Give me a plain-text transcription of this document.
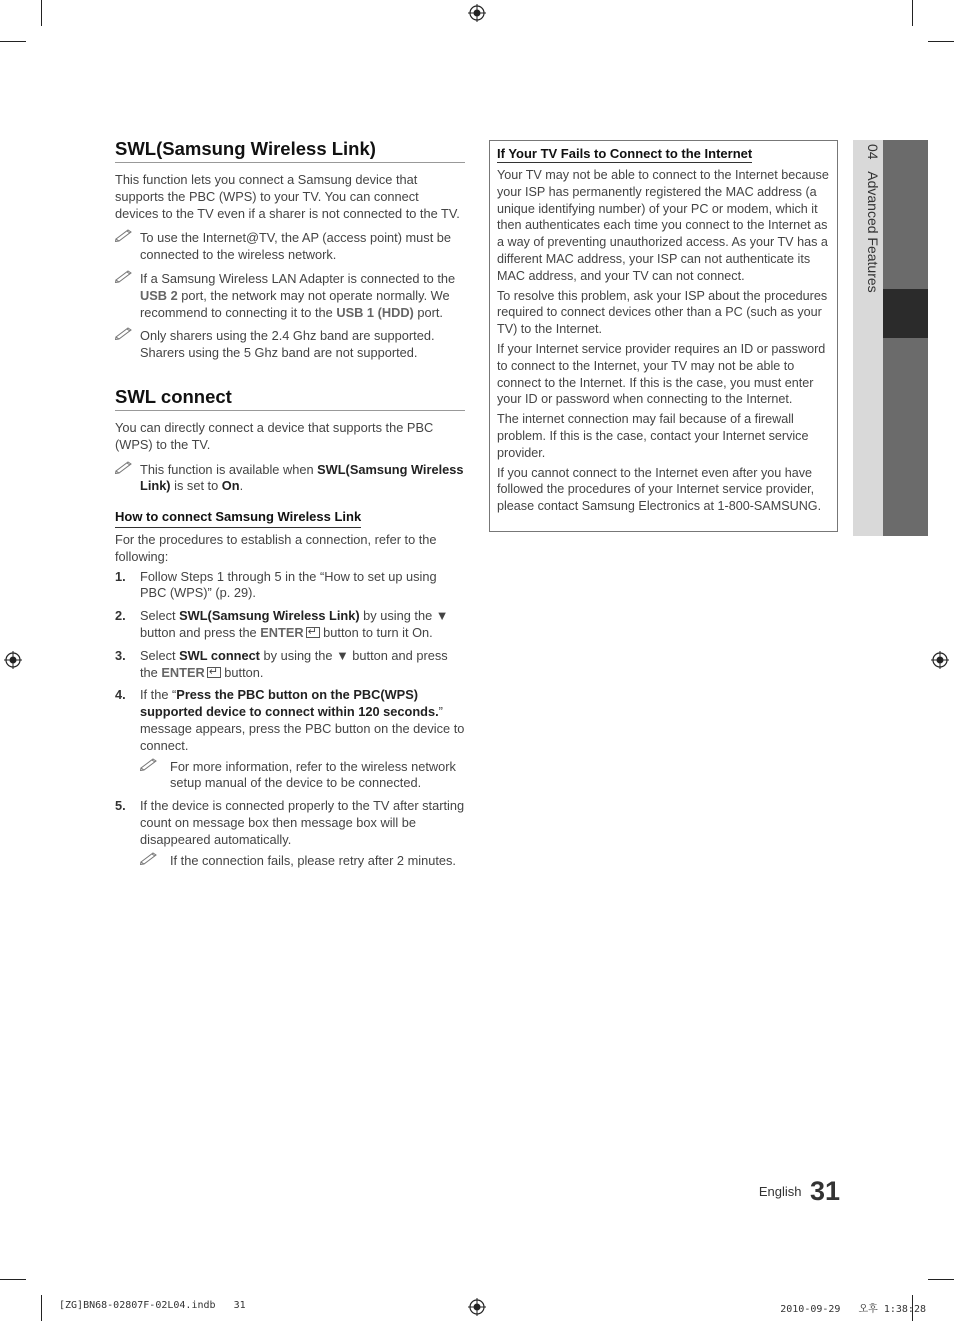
SWL(Samsung Wireless Link)

This function lets you connect a Samsung device that supports the PBC (WPS) to your TV. You can connect devices to the TV even if a sharer is not connected to the TV.

To use the Internet@TV, the AP (access point) must be connected to the wireless network.

If a Samsung Wireless LAN Adapter is connected to the USB 2 port, the network may not operate normally. We recommend to connecting it to the USB 1 (HDD) port.

Only sharers using the 2.4 Ghz band are supported. Sharers using the 5 Ghz band are not supported.

SWL connect

You can directly connect a device that supports the PBC (WPS) to the TV.

This function is available when SWL(Samsung Wireless Link) is set to On.

How to connect Samsung Wireless Link

For the procedures to establish a connection, refer to the following:

1. Follow Steps 1 through 5 in the “How to set up using PBC (WPS)” (p. 29).
2. Select SWL(Samsung Wireless Link) by using the ▼ button and press the ENTER↵ button to turn it On.
3. Select SWL connect by using the ▼ button and press the ENTER↵ button.
4. If the “Press the PBC button on the PBC(WPS) supported device to connect within 120 seconds.” message appears, press the PBC button on the device to connect.
For more information, refer to the wireless network setup manual of the device to be connected.
5. If the device is connected properly to the TV after starting count on message box then message box will be disappeared automatically.
If the connection fails, please retry after 2 minutes.
If Your TV Fails to Connect to the Internet

Your TV may not be able to connect to the Internet because your ISP has permanently registered the MAC address (a unique identifying number) of your PC or modem, which it then authenticates each time you connect to the Internet as a way of preventing unauthorized access. As your TV has a different MAC address, your ISP can not authenticate its MAC address, and your TV can not connect.

To resolve this problem, ask your ISP about the procedures required to connect devices other than a PC (such as your TV) to the Internet.

If your Internet service provider requires an ID or password to connect to the Internet, your TV may not be able to connect to the Internet. If this is the case, you must enter your ID or password when connecting to the Internet.

The internet connection may fail because of a firewall problem. If this is the case, contact your Internet service provider.

If you cannot connect to the Internet even after you have followed the procedures of your Internet service provider, please contact Samsung Electronics at 1-800-SAMSUNG.

04   Advanced Features
$^{English}$ 31
[ZG]BN68-02807F-02L04.indb   31	2010-09-29   오후 1:38:28
